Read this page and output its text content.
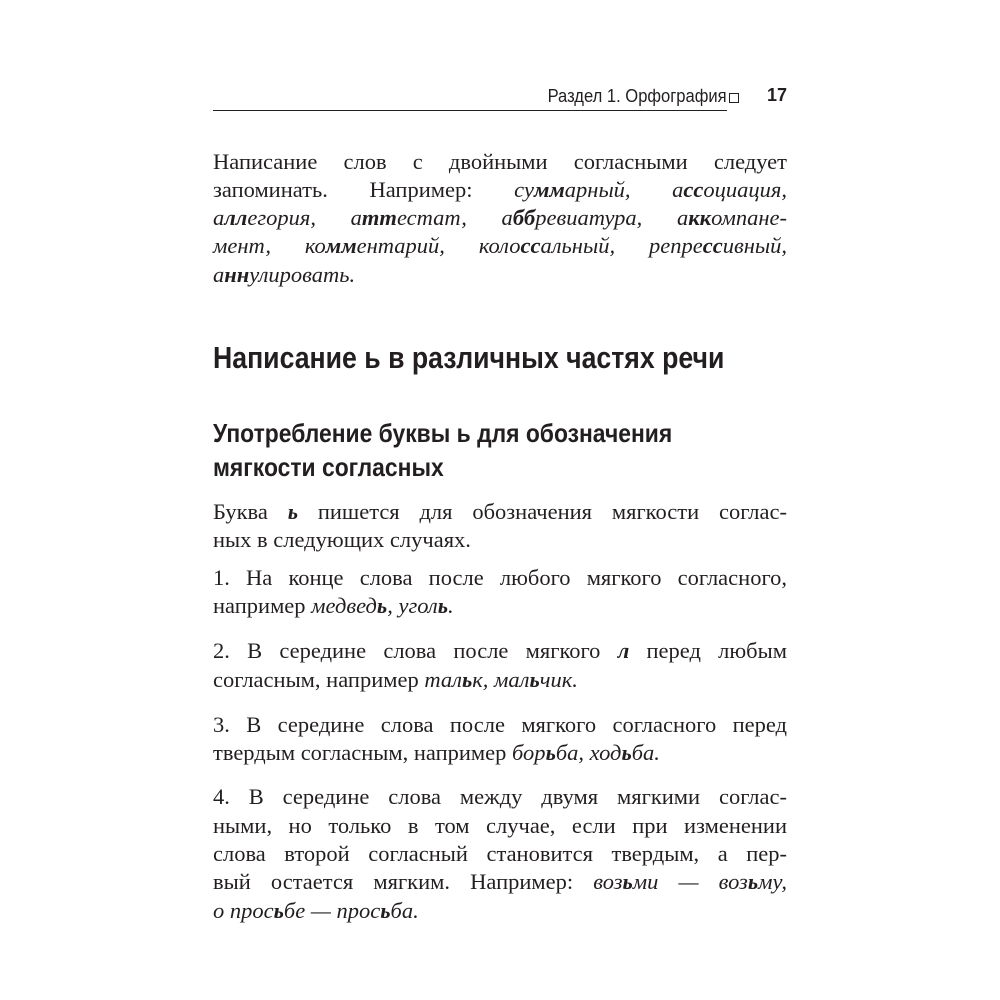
Раздел 1. Орфография 17
Написание слов с двойными согласными следует
запоминать. Например: суммарный, ассоциация,
аллегория, аттестат, аббревиатура, аккомпане-
мент, комментарий, колоссальный, репрессивный,
аннулировать.
Буква ь пишется для обозначения мягкости соглас-
ных в следующих случаях.
1. На конце слова после любого мягкого согласного,
например медведь, уголь.
2. В середине слова после мягкого л перед любым
согласным, например тальк, мальчик.
3. В середине слова после мягкого согласного перед
твердым согласным, например борьба, ходьба.
4. В середине слова между двумя мягкими соглас-
ными, но только в том случае, если при изменении
слова второй согласный становится твердым, а пер-
вый остается мягким. Например: возьми — возьму,
о просьбе — просьба.
Написание ь в различных частях речи
Употребление буквы ь для обозначения
мягкости согласных
